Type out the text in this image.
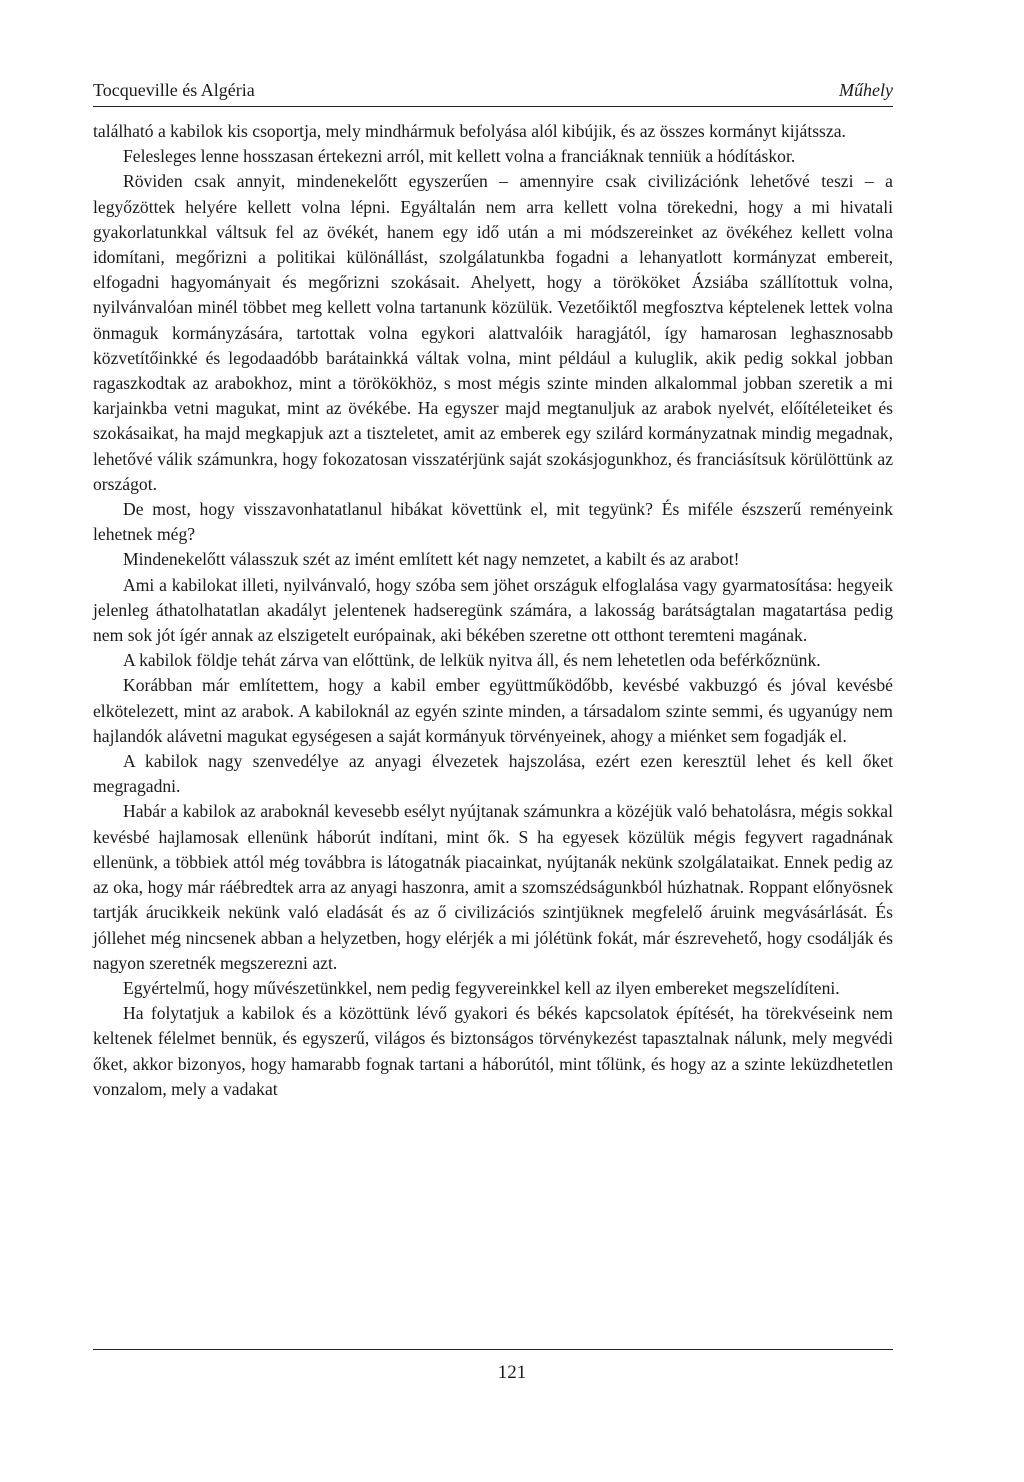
Tocqueville és Algéria	Műhely

található a kabilok kis csoportja, mely mindhármuk befolyása alól kibújik, és az összes kormányt kijátssza.

Felesleges lenne hosszasan értekezni arról, mit kellett volna a franciáknak tenniük a hódításkor.

Röviden csak annyit, mindenekelőtt egyszerűen – amennyire csak civilizációnk lehetővé teszi – a legyőzöttek helyére kellett volna lépni. Egyáltalán nem arra kellett volna törekedni, hogy a mi hivatali gyakorlatunkkal váltsuk fel az övékét, hanem egy idő után a mi módszereinket az övékéhez kellett volna idomítani, megőrizni a politikai különállást, szolgálatunkba fogadni a lehanyatlott kormányzat embereit, elfogadni hagyományait és megőrizni szokásait. Ahelyett, hogy a törököket Ázsiába szállítottuk volna, nyilvánvalóan minél többet meg kellett volna tartanunk közülük. Vezetőiktől megfosztva képtelenek lettek volna önmaguk kormányzására, tartottak volna egykori alattvalóik haragjától, így hamarosan leghasznosabb közvetítőinkké és legodaadóbb barátainkká váltak volna, mint például a kuluglik, akik pedig sokkal jobban ragaszkodtak az arabokhoz, mint a törökökhöz, s most mégis szinte minden alkalommal jobban szeretik a mi karjainkba vetni magukat, mint az övékébe. Ha egyszer majd megtanuljuk az arabok nyelvét, előítéleteiket és szokásaikat, ha majd megkapjuk azt a tiszteletet, amit az emberek egy szilárd kormányzatnak mindig megadnak, lehetővé válik számunkra, hogy fokozatosan visszatérjünk saját szokásjogunkhoz, és franciásítsuk körülöttünk az országot.

De most, hogy visszavonhatatlanul hibákat követtünk el, mit tegyünk? És miféle észszerű reményeink lehetnek még?

Mindenekelőtt válasszuk szét az imént említett két nagy nemzetet, a kabilt és az arabot!

Ami a kabilokat illeti, nyilvánvaló, hogy szóba sem jöhet országuk elfoglalása vagy gyarmatosítása: hegyeik jelenleg áthatolhatatlan akadályt jelentenek hadseregünk számára, a lakosság barátságtalan magatartása pedig nem sok jót ígér annak az elszigetelt európainak, aki békében szeretne ott otthont teremteni magának.

A kabilok földje tehát zárva van előttünk, de lelkük nyitva áll, és nem lehetetlen oda beférkőznünk.

Korábban már említettem, hogy a kabil ember együttműködőbb, kevésbé vakbuzgó és jóval kevésbé elkötelezett, mint az arabok. A kabiloknál az egyén szinte minden, a társadalom szinte semmi, és ugyanúgy nem hajlandók alávetni magukat egységesen a saját kormányuk törvényeinek, ahogy a miénket sem fogadják el.

A kabilok nagy szenvedélye az anyagi élvezetek hajszolása, ezért ezen keresztül lehet és kell őket megragadni.

Habár a kabilok az araboknál kevesebb esélyt nyújtanak számunkra a közéjük való behatolásra, mégis sokkal kevésbé hajlamosak ellenünk háborút indítani, mint ők. S ha egyesek közülük mégis fegyvert ragadnának ellenünk, a többiek attól még továbbra is látogatnák piacainkat, nyújtanák nekünk szolgálataikat. Ennek pedig az az oka, hogy már ráébredtek arra az anyagi haszonra, amit a szomszédságunkból húzhatnak. Roppant előnyösnek tartják árucikkeik nekünk való eladását és az ő civilizációs szintjüknek megfelelő áruink megvásárlását. És jóllehet még nincsenek abban a helyzetben, hogy elérjék a mi jólétünk fokát, már észrevehető, hogy csodálják és nagyon szeretnék megszerezni azt.

Egyértelmű, hogy művészetünkkel, nem pedig fegyvereinkkel kell az ilyen embereket megszelídíteni.

Ha folytatjuk a kabilok és a közöttünk lévő gyakori és békés kapcsolatok építését, ha törekvéseink nem keltenek félelmet bennük, és egyszerű, világos és biztonságos törvénykezést tapasztalnak nálunk, mely megvédi őket, akkor bizonyos, hogy hamarabb fognak tartani a háborútól, mint tőlünk, és hogy az a szinte leküzdhetetlen vonzalom, mely a vadakat

121
